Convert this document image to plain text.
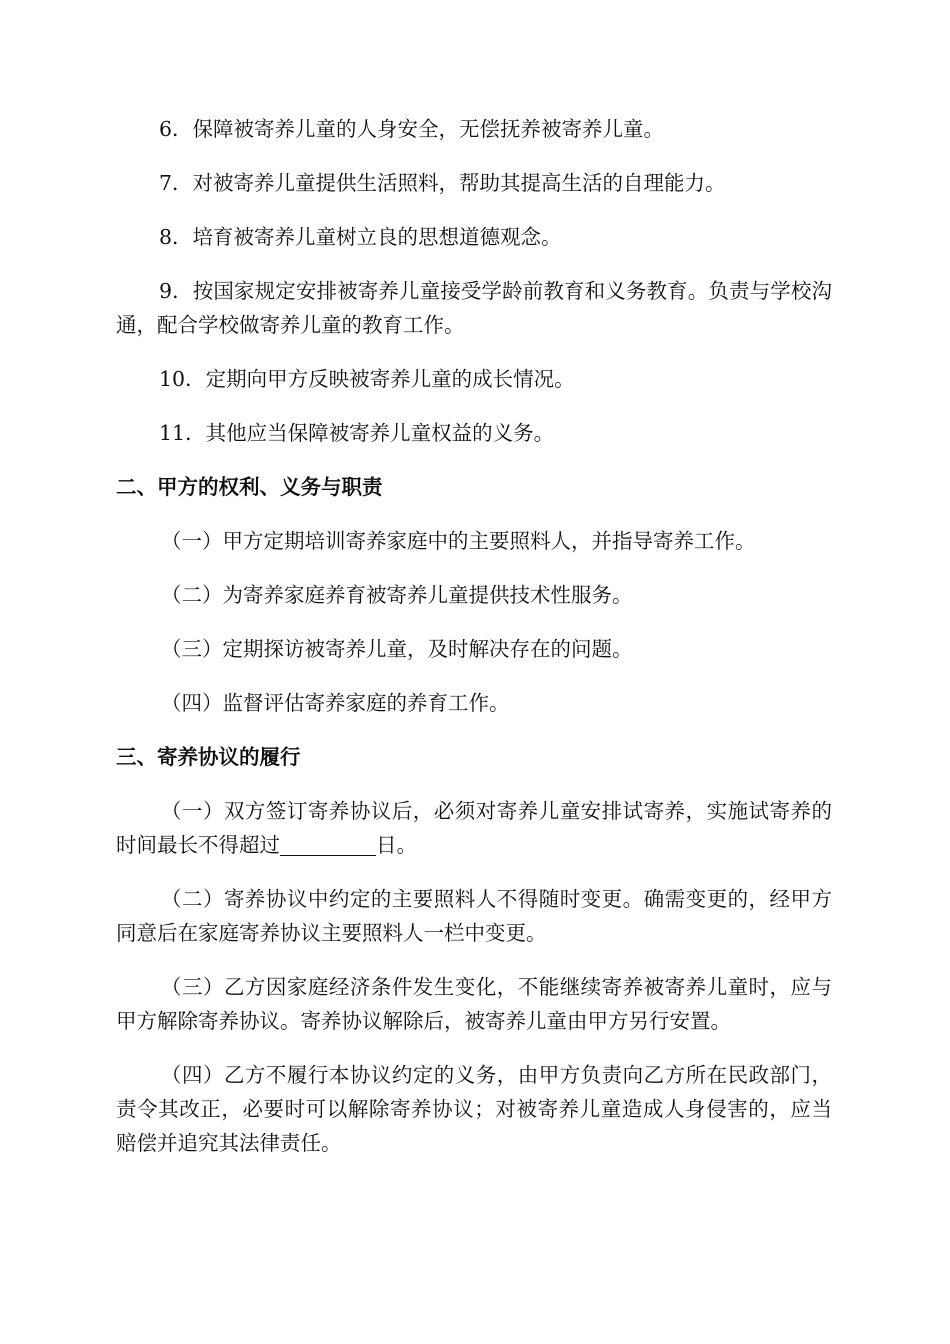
6．保障被寄养儿童的人身安全，无偿抚养被寄养儿童。

7．对被寄养儿童提供生活照料，帮助其提高生活的自理能力。

8．培育被寄养儿童树立良的思想道德观念。

9．按国家规定安排被寄养儿童接受学龄前教育和义务教育。负责与学校沟通，配合学校做寄养儿童的教育工作。

10．定期向甲方反映被寄养儿童的成长情况。

11．其他应当保障被寄养儿童权益的义务。

二、甲方的权利、义务与职责

（一）甲方定期培训寄养家庭中的主要照料人，并指导寄养工作。

（二）为寄养家庭养育被寄养儿童提供技术性服务。

（三）定期探访被寄养儿童，及时解决存在的问题。

（四）监督评估寄养家庭的养育工作。

三、寄养协议的履行

（一）双方签订寄养协议后，必须对寄养儿童安排试寄养，实施试寄养的时间最长不得超过	日。

（二）寄养协议中约定的主要照料人不得随时变更。确需变更的，经甲方同意后在家庭寄养协议主要照料人一栏中变更。

（三）乙方因家庭经济条件发生变化，不能继续寄养被寄养儿童时，应与甲方解除寄养协议。寄养协议解除后，被寄养儿童由甲方另行安置。

（四）乙方不履行本协议约定的义务，由甲方负责向乙方所在民政部门，责令其改正，必要时可以解除寄养协议；对被寄养儿童造成人身侵害的，应当赔偿并追究其法律责任。
